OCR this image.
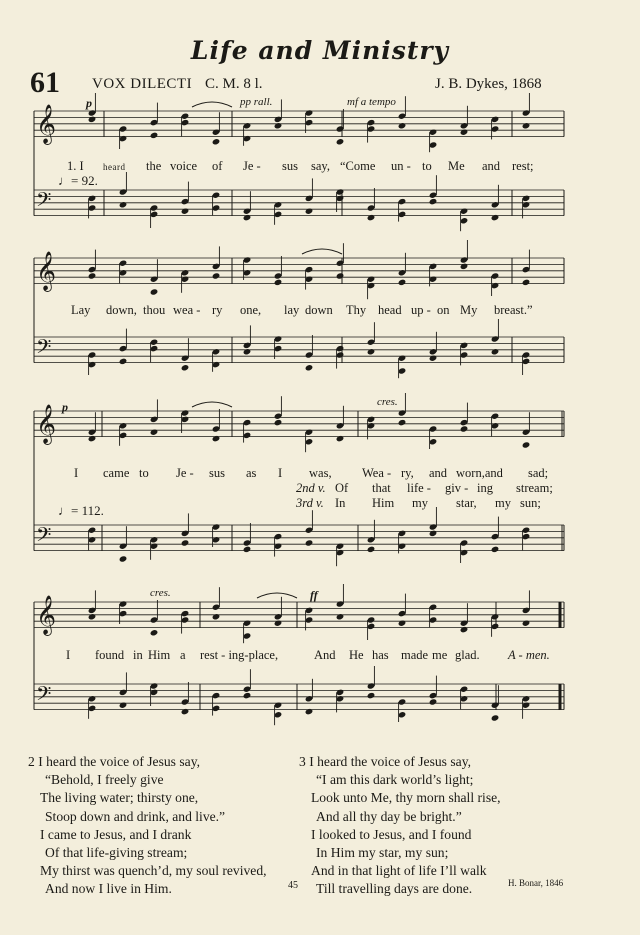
Life and Ministry
61 VOX DILECTI C. M. 8 l.	J. B. Dykes, 1868
𝄞
𝄢
𝄞
𝄢
𝄞
𝄢
𝄞
𝄢
p	pp rall.	mf a tempo
♩= 92.
p	cres.
♩= 112.
cres.	ff
1. I heard the voice of Je - sus say, “Come un - to Me and rest;
Lay down, thou wea - ry one, lay down Thy head up - on My breast.”
I came to Je - sus as I was, Wea - ry, and worn,and sad;
2nd v. Of that life - giv - ing stream;
3rd v. In Him my star, my sun;
I found in Him a rest - ing-place,	And He has made me glad. A - men.
2 I heard the voice of Jesus say,
“Behold, I freely give
The living water; thirsty one,
Stoop down and drink, and live.”
I came to Jesus, and I drank
Of that life-giving stream;
My thirst was quench’d, my soul revived,
And now I live in Him.
3 I heard the voice of Jesus say,
“I am this dark world’s light;
Look unto Me, thy morn shall rise,
And all thy day be bright.”
I looked to Jesus, and I found
In Him my star, my sun;
And in that light of life I’ll walk
Till travelling days are done.
45	H. Bonar, 1846
